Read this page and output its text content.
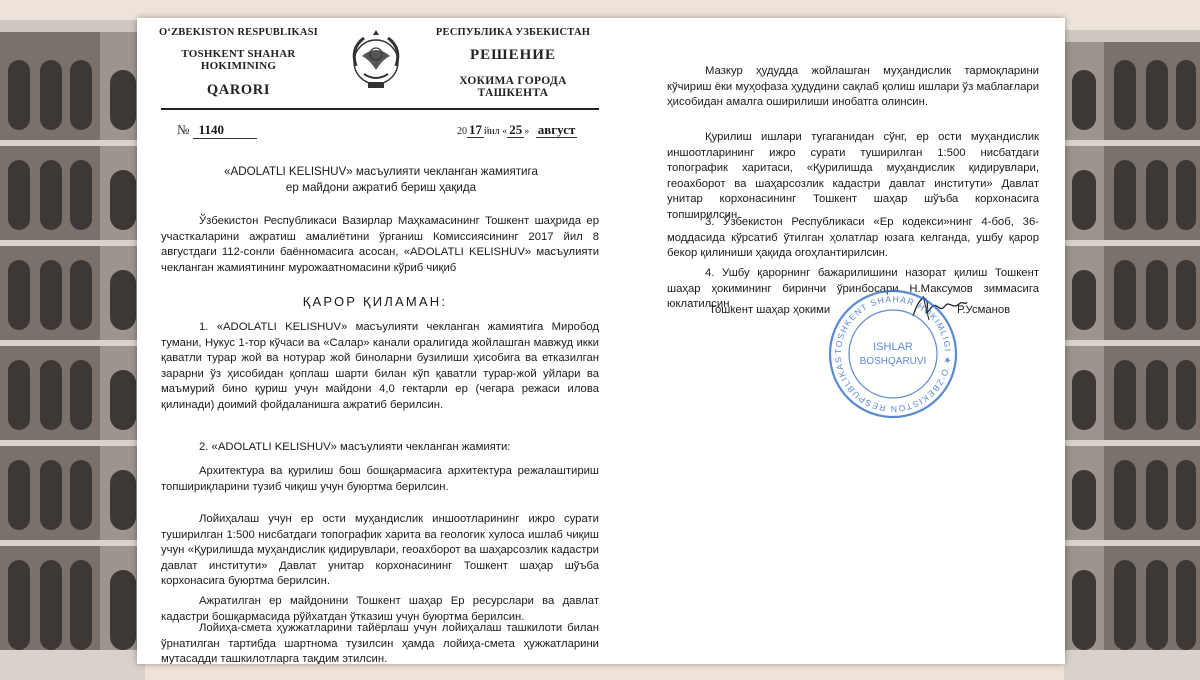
O‘ZBEKISTON RESPUBLIKASI
TOSHKENT SHAHAR HOKIMINING
QARORI
РЕСПУБЛИКА УЗБЕКИСТАН
РЕШЕНИЕ
ХОКИМА ГОРОДА ТАШКЕНТА
№ 1140	20 17 йил « 25 » август
«ADOLATLI KELISHUV» масъулияти чекланган жамиятига
ер майдони ажратиб бериш ҳақида

Ўзбекистон Республикаси Вазирлар Маҳкамасининг Тошкент шаҳрида ер участкаларини ажратиш амалиётини ўрганиш Комиссиясининг 2017 йил 8 августдаги 112-сонли баённомасига асосан, «ADOLATLI KELISHUV» масъулияти чекланган жамиятининг мурожаатномасини кўриб чиқиб

ҚАРОР ҚИЛАМАН:

1. «ADOLATLI KELISHUV» масъулияти чекланган жамиятига Миробод тумани, Нукус 1-тор кўчаси ва «Салар» канали оралигида жойлашган мавжуд икки қаватли турар жой ва нотурар жой биноларни бузилиши ҳисобига ва етказилган зарарни ўз ҳисобидан қоплаш шарти билан кўп қаватли турар-жой уйлари ва маъмурий бино қуриш учун майдони 4,0 гектарли ер (чегара режаси илова қилинади) доимий фойдаланишга ажратиб берилсин.

2. «ADOLATLI KELISHUV» масъулияти чекланган жамияти:

Архитектура ва қурилиш бош бошқармасига архитектура режалаштириш топшириқларини тузиб чиқиш учун буюртма берилсин.

Лойиҳалаш учун ер ости муҳандислик иншоотларининг ижро сурати туширилган 1:500 нисбатдаги топографик харита ва геологик хулоса ишлаб чиқиш учун «Қурилишда муҳандислик қидирувлари, геоахборот ва шаҳарсозлик кадастри давлат институти» Давлат унитар корхонасининг Тошкент шаҳар шўъба корхонасига буюртма берилсин.

Ажратилган ер майдонини Тошкент шаҳар Ер ресурслари ва давлат кадастри бошқармасида рўйхатдан ўтказиш учун буюртма берилсин.

Лойиҳа-смета ҳужжатларини тайёрлаш учун лойиҳалаш ташкилоти билан ўрнатилган тартибда шартнома тузилсин ҳамда лойиҳа-смета ҳужжатларини мутасадди ташкилотларга тақдим этилсин.

Мазкур ҳудудда жойлашган муҳандислик тармоқларини кўчириш ёки муҳофаза ҳудудини сақлаб қолиш ишлари ўз маблағлари ҳисобидан амалга оширилиши инобатга олинсин.

Қурилиш ишлари тугаганидан сўнг, ер ости муҳандислик иншоотларининг ижро сурати туширилган 1:500 нисбатдаги топографик харитаси, «Қурилишда муҳандислик қидирувлари, геоахборот ва шаҳарсозлик кадастри давлат институти» Давлат унитар корхонасининг Тошкент шаҳар шўъба корхонасига топширилсин.

3. Ўзбекистон Республикаси «Ер кодекси»нинг 4-боб, 36-моддасида кўрсатиб ўтилган ҳолатлар юзага келганда, ушбу қарор бекор қилиниши ҳақида огоҳлантирилсин.

4. Ушбу қарорнинг бажарилишини назорат қилиш Тошкент шаҳар ҳокимининг биринчи ўринбосари Н.Максумов зиммасига юклатилсин.

Тошкент шаҳар ҳокими	Р.Усманов
TOSHKENT SHAHAR HOKIMLIGI ★ O‘ZBEKISTON RESPUBLIKAS
ISHLAR
BOSHQARUVI
